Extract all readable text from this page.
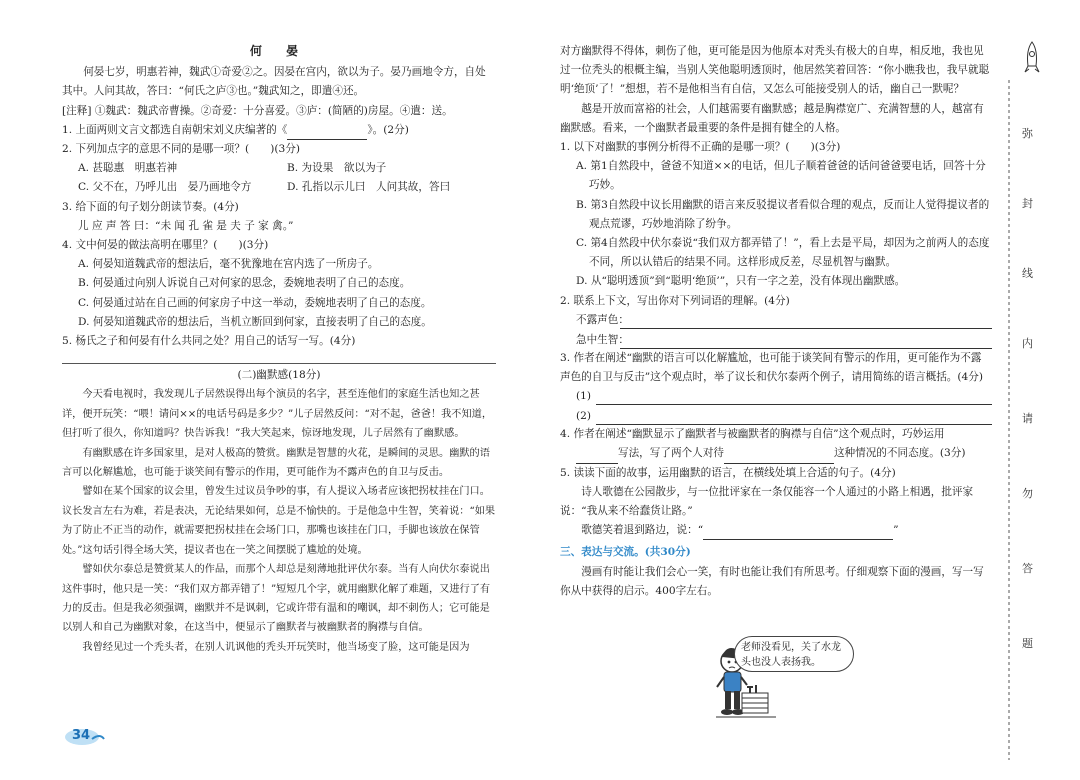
何 晏

何晏七岁，明惠若神，魏武①奇爱②之。因晏在宫内，欲以为子。晏乃画地令方，自处其中。人问其故，答曰：“何氏之庐③也。”魏武知之，即遣④还。

[注释] ①魏武：魏武帝曹操。②奇爱：十分喜爱。③庐：(简陋的)房屋。④遣：送。

1. 上面两则文言文都选自南朝宋刘义庆编著的《	》。(2分)

2. 下列加点字的意思不同的是哪一项？(　　)(3分)

A. 甚聪惠　明惠若神	B. 为设果　欲以为子
C. 父不在，乃呼儿出　晏乃画地令方	D. 孔指以示儿曰　人问其故，答曰

3. 给下面的句子划分朗读节奏。(4分)

儿 应 声 答 曰：“未 闻 孔 雀 是 夫 子 家 禽。”

4. 文中何晏的做法高明在哪里？(　　)(3分)

A. 何晏知道魏武帝的想法后，毫不犹豫地在宫内选了一所房子。

B. 何晏通过向别人诉说自己对何家的思念，委婉地表明了自己的态度。

C. 何晏通过站在自己画的何家房子中这一举动，委婉地表明了自己的态度。

D. 何晏知道魏武帝的想法后，当机立断回到何家，直接表明了自己的态度。

5. 杨氏之子和何晏有什么共同之处？用自己的话写一写。(4分)

(二)幽默感(18分)

今天看电视时，我发现儿子居然误得出每个演员的名字，甚至连他们的家庭生活也知之甚详，便开玩笑：“喂！请问××的电话号码是多少？”儿子居然反问：“对不起，爸爸！我不知道，但打听了很久，你知道吗？快告诉我！”我大笑起来，惊讶地发现，儿子居然有了幽默感。

有幽默感在许多国家里，是对人极高的赞赏。幽默是智慧的火花，是瞬间的灵思。幽默的语言可以化解尴尬，也可能于谈笑间有警示的作用，更可能作为不露声色的自卫与反击。

譬如在某个国家的议会里，曾发生过议员争吵的事，有人提议入场者应该把拐杖挂在门口。议长发言左右为难，若是表决，无论结果如何，总是不愉快的。于是他急中生智，笑着说：“如果为了防止不正当的动作，就需要把拐杖挂在会场门口，那嘴也该挂在门口，手脚也该放在保管处。”这句话引得全场大笑，提议者也在一笑之间摆脱了尴尬的处境。

譬如伏尔泰总是赞赏某人的作品，而那个人却总是刻薄地批评伏尔泰。当有人向伏尔泰说出这件事时，他只是一笑：“我们双方都弄错了！”短短几个字，就用幽默化解了难题，又进行了有力的反击。但是我必须强调，幽默并不是讽刺，它或许带有温和的嘲讽，却不刺伤人；它可能是以别人和自己为幽默对象，在这当中，便显示了幽默者与被幽默者的胸襟与自信。

我曾经见过一个秃头者，在别人讥讽他的秃头开玩笑时，他当场变了脸，这可能是因为

对方幽默得不得体，刺伤了他，更可能是因为他原本对秃头有极大的自卑，相反地，我也见过一位秃头的根概主编，当别人笑他聪明透顶时，他居然笑着回答：“你小瞧我也，我早就聪明‘绝顶’了！”想想，若不是他相当有自信，又怎么可能接受别人的话，幽自己一默呢？

越是开放而富裕的社会，人们越需要有幽默感；越是胸襟宽广、充满智慧的人，越富有幽默感。看来，一个幽默者最重要的条件是拥有健全的人格。

1. 以下对幽默的事例分析得不正确的是哪一项？(　　)(3分)

A. 第1自然段中，爸爸不知道××的电话，但儿子顺着爸爸的话问爸爸要电话，回答十分巧妙。

B. 第3自然段中议长用幽默的语言来反驳提议者看似合理的观点，反而让人觉得提议者的观点荒谬，巧妙地消除了纷争。

C. 第4自然段中伏尔泰说“我们双方都弄错了！”，看上去是平局，却因为之前两人的态度不同，所以认错后的结果不同。这样形成反差，尽显机智与幽默。

D. 从“聪明透顶”到“聪明‘绝顶’”，只有一字之差，没有体现出幽默感。

2. 联系上下文，写出你对下列词语的理解。(4分)

不露声色：
急中生智：

3. 作者在阐述“幽默的语言可以化解尴尬，也可能于谈笑间有警示的作用，更可能作为不露声色的自卫与反击”这个观点时，举了议长和伏尔泰两个例子，请用简练的语言概括。(4分)

(1)
(2)

4. 作者在阐述“幽默显示了幽默者与被幽默者的胸襟与自信”这个观点时，巧妙运用

写法，写了两个人对待	这种情况的不同态度。(3分)

5. 读读下面的故事，运用幽默的语言，在横线处填上合适的句子。(4分)

诗人歌德在公园散步，与一位批评家在一条仅能容一个人通过的小路上相遇，批评家说：“我从来不给蠢货让路。”

歌德笑着退到路边，说：“	”

三、表达与交流。(共30分)

漫画有时能让我们会心一笑，有时也能让我们有所思考。仔细观察下面的漫画，写一写你从中获得的启示。400字左右。

老师没看见，关了水龙头也没人表扬我。
34
弥
封
线
内
请
勿
答
题
